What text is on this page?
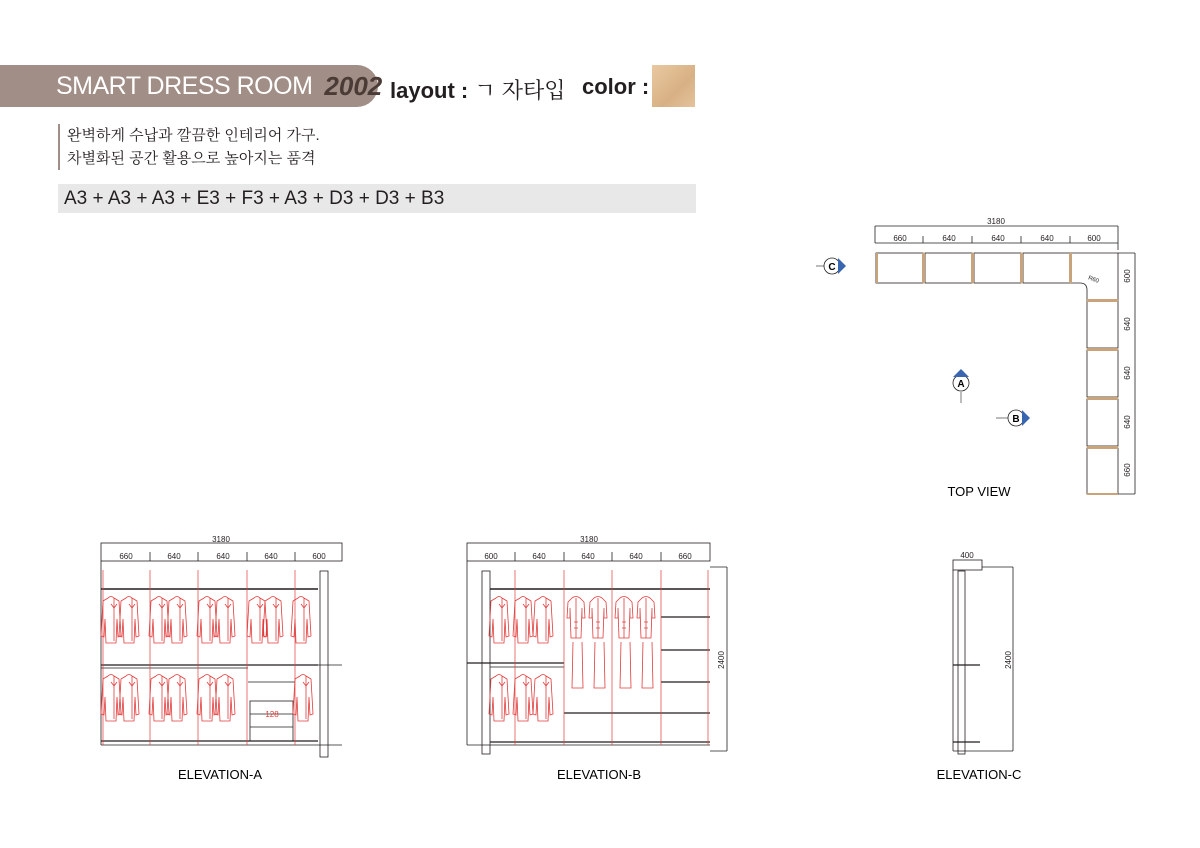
SMART DRESS ROOM 2002 layout : ㄱ 자타입 color :
완벽하게 수납과 깔끔한 인테리어 가구.
차별화된 공간 활용으로 높아지는 품격
A3 + A3 + A3 + E3 + F3 + A3 + D3 + D3 + B3
3180
660	640	640	640	600
R60	600
640
640
640
660
C
A
B
TOP VIEW
3180
660	640	640	640	600
128
ELEVATION-A
3180
600	640	640	640	660
2400
ELEVATION-B
400
2400
ELEVATION-C
